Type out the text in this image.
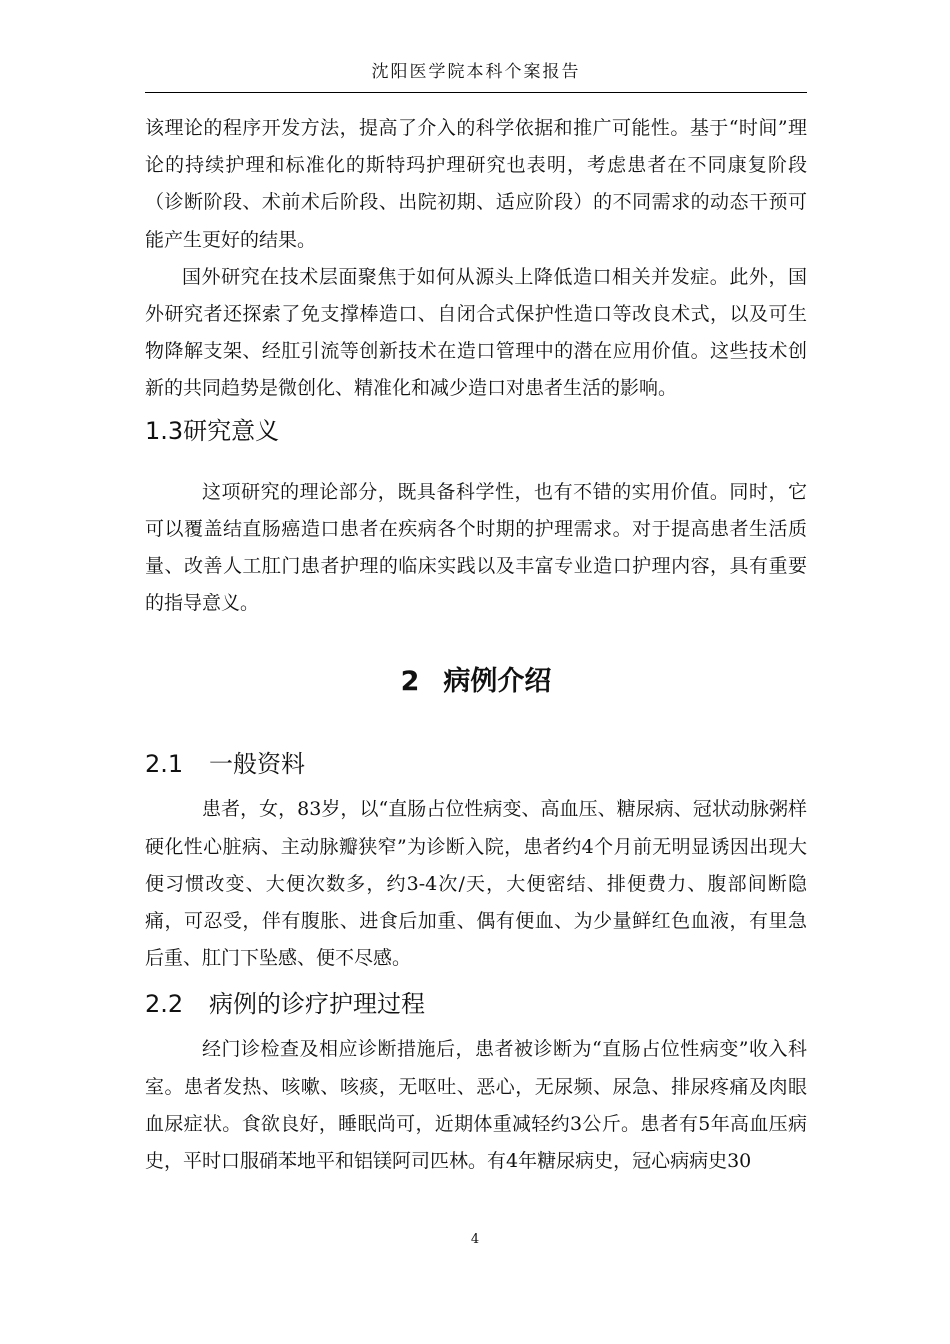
沈阳医学院本科个案报告

该理论的程序开发方法，提高了介入的科学依据和推广可能性。基于“时间”理论的持续护理和标准化的斯特玛护理研究也表明，考虑患者在不同康复阶段（诊断阶段、术前术后阶段、出院初期、适应阶段）的不同需求的动态干预可能产生更好的结果。

国外研究在技术层面聚焦于如何从源头上降低造口相关并发症。此外，国外研究者还探索了免支撑棒造口、自闭合式保护性造口等改良术式，以及可生物降解支架、经肛引流等创新技术在造口管理中的潜在应用价值。这些技术创新的共同趋势是微创化、精准化和减少造口对患者生活的影响。

1.3研究意义

这项研究的理论部分，既具备科学性，也有不错的实用价值。同时，它可以覆盖结直肠癌造口患者在疾病各个时期的护理需求。对于提高患者生活质量、改善人工肛门患者护理的临床实践以及丰富专业造口护理内容，具有重要的指导意义。

2 病例介绍
2.1 一般资料

患者，女，83岁，以“直肠占位性病变、高血压、糖尿病、冠状动脉粥样硬化性心脏病、主动脉瓣狭窄”为诊断入院，患者约4个月前无明显诱因出现大便习惯改变、大便次数多，约3-4次/天，大便密结、排便费力、腹部间断隐痛，可忍受，伴有腹胀、进食后加重、偶有便血、为少量鲜红色血液，有里急后重、肛门下坠感、便不尽感。

2.2 病例的诊疗护理过程

经门诊检查及相应诊断措施后，患者被诊断为“直肠占位性病变”收入科室。患者发热、咳嗽、咳痰，无呕吐、恶心，无尿频、尿急、排尿疼痛及肉眼血尿症状。食欲良好，睡眠尚可，近期体重减轻约3公斤。患者有5年高血压病史，平时口服硝苯地平和铝镁阿司匹林。有4年糖尿病史，冠心病病史30

4
